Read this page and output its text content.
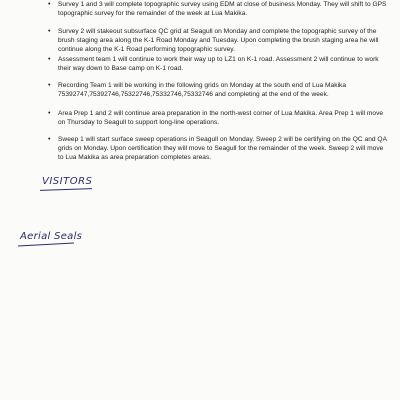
• Survey 1 and 3 will complete topographic survey using EDM at close of business Monday. They will shift to GPS topographic survey for the remainder of the week at Lua Makika.

• Survey 2 will stakeout subsurface QC grid at Seagull on Monday and complete the topographic survey of the brush staging area along the K-1 Road Monday and Tuesday. Upon completing the brush staging area he will continue along the K-1 Road performing topographic survey.

• Assessment team 1 will continue to work their way up to LZ1 on K-1 road. Assessment 2 will continue to work their way down to Base camp on K-1 road.

• Recording Team 1 will be working in the following grids on Monday at the south end of Lua Makika 75392747,75392746,75322746,75332746,75332746 and completing at the end of the week.

• Area Prep 1 and 2 will continue area preparation in the north-west corner of Lua Makika. Area Prep 1 will move on Thursday to Seagull to support long-line operations.

• Sweep 1 will start surface sweep operations in Seagull on Monday. Sweep 2 will be certifying on the QC and QA grids on Monday. Upon certification they will move to Seagull for the remainder of the week. Sweep 2 will move to Lua Makika as area preparation completes areas.

VISITORS
Aerial Seals
